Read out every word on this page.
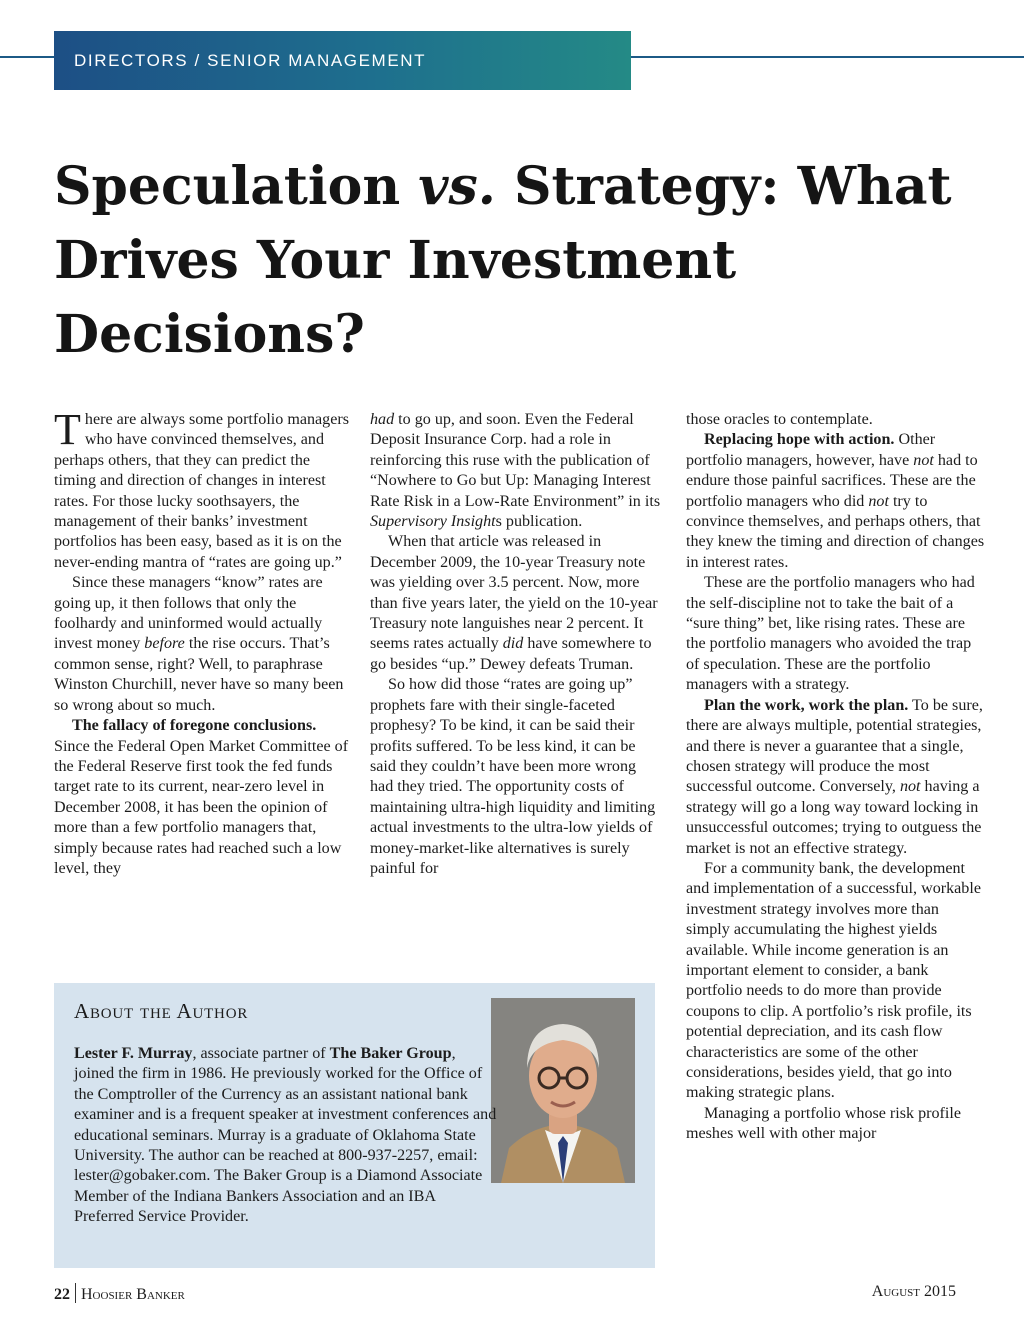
DIRECTORS / SENIOR MANAGEMENT
Speculation vs. Strategy: What Drives Your Investment Decisions?

There are always some portfolio managers who have convinced themselves, and perhaps others, that they can predict the timing and direction of changes in interest rates. For those lucky soothsayers, the management of their banks’ investment portfolios has been easy, based as it is on the never-ending mantra of “rates are going up.”

Since these managers “know” rates are going up, it then follows that only the foolhardy and uninformed would actually invest money before the rise occurs. That’s common sense, right? Well, to paraphrase Winston Churchill, never have so many been so wrong about so much.

The fallacy of foregone conclusions. Since the Federal Open Market Committee of the Federal Reserve first took the fed funds target rate to its current, near-zero level in December 2008, it has been the opinion of more than a few portfolio managers that, simply because rates had reached such a low level, they

had to go up, and soon. Even the Federal Deposit Insurance Corp. had a role in reinforcing this ruse with the publication of “Nowhere to Go but Up: Managing Interest Rate Risk in a Low-Rate Environment” in its Supervisory Insights publication.

When that article was released in December 2009, the 10-year Treasury note was yielding over 3.5 percent. Now, more than five years later, the yield on the 10-year Treasury note languishes near 2 percent. It seems rates actually did have somewhere to go besides “up.” Dewey defeats Truman.

So how did those “rates are going up” prophets fare with their single-faceted prophesy? To be kind, it can be said their profits suffered. To be less kind, it can be said they couldn’t have been more wrong had they tried. The opportunity costs of maintaining ultra-high liquidity and limiting actual investments to the ultra-low yields of money-market-like alternatives is surely painful for

those oracles to contemplate.

Replacing hope with action. Other portfolio managers, however, have not had to endure those painful sacrifices. These are the portfolio managers who did not try to convince themselves, and perhaps others, that they knew the timing and direction of changes in interest rates.

These are the portfolio managers who had the self-discipline not to take the bait of a “sure thing” bet, like rising rates. These are the portfolio managers who avoided the trap of speculation. These are the portfolio managers with a strategy.

Plan the work, work the plan. To be sure, there are always multiple, potential strategies, and there is never a guarantee that a single, chosen strategy will produce the most successful outcome. Conversely, not having a strategy will go a long way toward locking in unsuccessful outcomes; trying to outguess the market is not an effective strategy.

For a community bank, the development and implementation of a successful, workable investment strategy involves more than simply accumulating the highest yields available. While income generation is an important element to consider, a bank portfolio needs to do more than provide coupons to clip. A portfolio’s risk profile, its potential depreciation, and its cash flow characteristics are some of the other considerations, besides yield, that go into making strategic plans.

Managing a portfolio whose risk profile meshes well with other major

About the Author

Lester F. Murray, associate partner of The Baker Group, joined the firm in 1986. He previously worked for the Office of the Comptroller of the Currency as an assistant national bank examiner and is a frequent speaker at investment conferences and educational seminars. Murray is a graduate of Oklahoma State University. The author can be reached at 800-937-2257, email: lester@gobaker.com. The Baker Group is a Diamond Associate Member of the Indiana Bankers Association and an IBA Preferred Service Provider.

22 Hoosier Banker	August 2015
